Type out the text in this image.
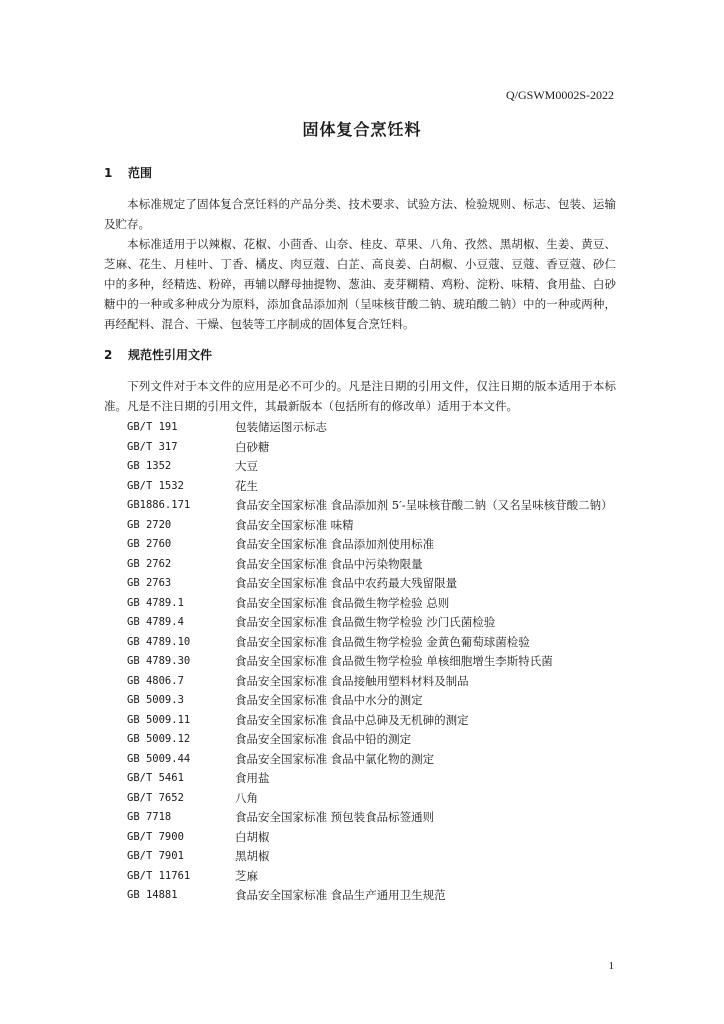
Q/GSWM0002S-2022
固体复合烹饪料
1 范围
本标准规定了固体复合烹饪料的产品分类、技术要求、试验方法、检验规则、标志、包装、运输及贮存。
本标准适用于以辣椒、花椒、小茴香、山奈、桂皮、草果、八角、孜然、黑胡椒、生姜、黄豆、芝麻、花生、月桂叶、丁香、橘皮、肉豆蔻、白芷、高良姜、白胡椒、小豆蔻、豆蔻、香豆蔻、砂仁中的多种，经精选、粉碎，再辅以酵母抽提物、葱油、麦芽糊精、鸡粉、淀粉、味精、食用盐、白砂糖中的一种或多种成分为原料，添加食品添加剂（呈味核苷酸二钠、琥珀酸二钠）中的一种或两种，再经配料、混合、干燥、包装等工序制成的固体复合烹饪料。
2 规范性引用文件
下列文件对于本文件的应用是必不可少的。凡是注日期的引用文件，仅注日期的版本适用于本标准。凡是不注日期的引用文件，其最新版本（包括所有的修改单）适用于本文件。
GB/T 191	包装储运图示标志
GB/T 317	白砂糖
GB 1352	大豆
GB/T 1532	花生
GB1886.171	食品安全国家标准 食品添加剂 5′-呈味核苷酸二钠（又名呈味核苷酸二钠）
GB 2720	食品安全国家标准 味精
GB 2760	食品安全国家标准 食品添加剂使用标准
GB 2762	食品安全国家标准 食品中污染物限量
GB 2763	食品安全国家标准 食品中农药最大残留限量
GB 4789.1	食品安全国家标准 食品微生物学检验 总则
GB 4789.4	食品安全国家标准 食品微生物学检验 沙门氏菌检验
GB 4789.10	食品安全国家标准 食品微生物学检验 金黄色葡萄球菌检验
GB 4789.30	食品安全国家标准 食品微生物学检验 单核细胞增生李斯特氏菌
GB 4806.7	食品安全国家标准 食品接触用塑料材料及制品
GB 5009.3	食品安全国家标准 食品中水分的测定
GB 5009.11	食品安全国家标准 食品中总砷及无机砷的测定
GB 5009.12	食品安全国家标准 食品中铅的测定
GB 5009.44	食品安全国家标准 食品中氯化物的测定
GB/T 5461	食用盐
GB/T 7652	八角
GB 7718	食品安全国家标准 预包装食品标签通则
GB/T 7900	白胡椒
GB/T 7901	黑胡椒
GB/T 11761	芝麻
GB 14881	食品安全国家标准 食品生产通用卫生规范
1
